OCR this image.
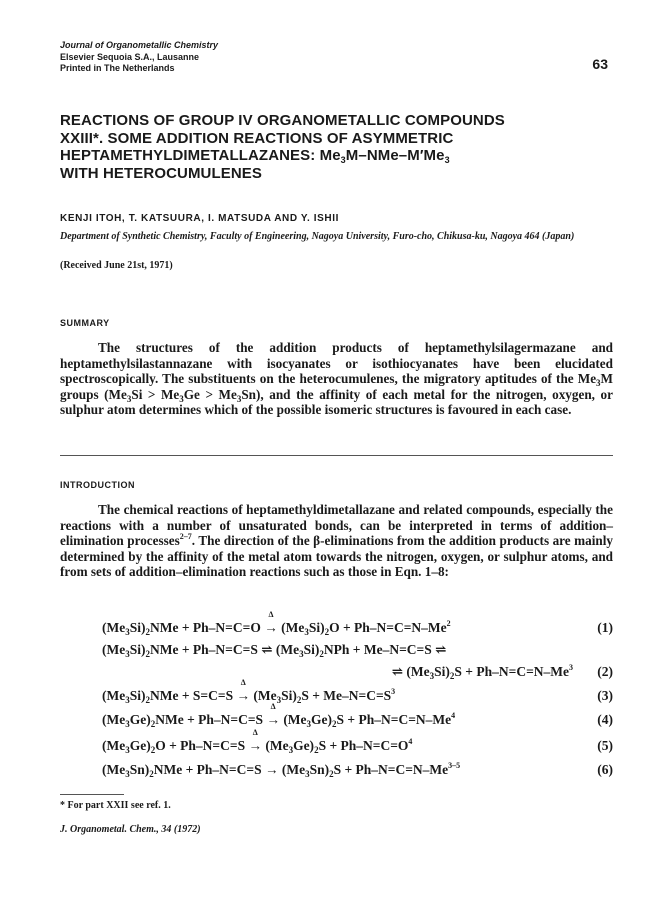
Journal of Organometallic Chemistry
Elsevier Sequoia S.A., Lausanne
Printed in The Netherlands	63
REACTIONS OF GROUP IV ORGANOMETALLIC COMPOUNDS
XXIII*. SOME ADDITION REACTIONS OF ASYMMETRIC
HEPTAMETHYLDIMETALLAZANES: $Me_3M-NMe-M'Me_3$
WITH HETEROCUMULENES
KENJI ITOH, T. KATSUURA, I. MATSUDA AND Y. ISHII
Department of Synthetic Chemistry, Faculty of Engineering, Nagoya University, Furo-cho, Chikusa-ku, Nagoya 464 (Japan)
(Received June 21st, 1971)
SUMMARY

The structures of the addition products of heptamethylsilagermazane and heptamethylsilastannazane with isocyanates or isothiocyanates have been elucidated spectroscopically. The substituents on the heterocumulenes, the migratory aptitudes of the $Me_3M$ groups $(Me_3Si > Me_3Ge > Me_3Sn)$, and the affinity of each metal for the nitrogen, oxygen, or sulphur atom determines which of the possible isomeric structures is favoured in each case.

INTRODUCTION

The chemical reactions of heptamethyldimetallazane and related compounds, especially the reactions with a number of unsaturated bonds, can be interpreted in terms of addition–elimination processes$^{2-7}$. The direction of the β-eliminations from the addition products are mainly determined by the affinity of the metal atom towards the nitrogen, oxygen, or sulphur atoms, and from sets of addition–elimination reactions such as those in Eqn. 1–8:

$(Me_3Si)_2NMe + Ph-N=C=O$
Δ
→ $(Me_3Si)_2O + Ph-N=C=N-Me^2$	(1)
$(Me_3Si)_2NMe + Ph-N=C=S$ ⇌ $(Me_3Si)_2NPh + Me-N=C=S$ ⇌
⇌ $(Me_3Si)_2S + Ph-N=C=N-Me^3$ (2)
$(Me_3Si)_2NMe + S=C=S$
Δ
→ $(Me_3Si)_2S + Me-N=C=S^3$	(3)
$(Me_3Ge)_2NMe + Ph-N=C=S$
Δ
→ $(Me_3Ge)_2S + Ph-N=C=N-Me^4$	(4)
$(Me_3Ge)_2O + Ph-N=C=S$
Δ
→ $(Me_3Ge)_2S + Ph-N=C=O^4$	(5)
$(Me_3Sn)_2NMe + Ph-N=C=S \to (Me_3Sn)_2S + Ph-N=C=N-Me^{3-5}$	(6)
* For part XXII see ref. 1.
J. Organometal. Chem., 34 (1972)
